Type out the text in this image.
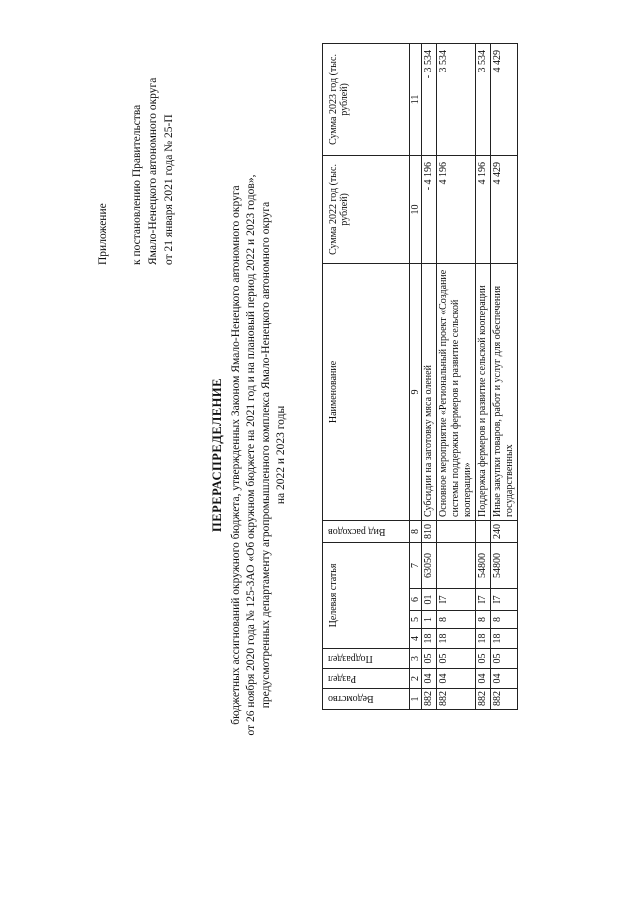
Приложение к постановлению Правительства Ямало-Ненецкого автономного округа от 21 января 2021 года № 25-П
ПЕРЕРАСПРЕДЕЛЕНИЕ бюджетных ассигнований окружного бюджета, утвержденных Законом Ямало-Ненецкого автономного округа от 26 ноября 2020 года № 125-ЗАО «Об окружном бюджете на 2021 год и на плановый период 2022 и 2023 годов», предусмотренных департаменту агропромышленного комплекса Ямало-Ненецкого автономного округа на 2022 и 2023 годы
Ведомство	Раздел	Подраздел	Целевая статья				Вид расходов	Наименование	Сумма 2022 год (тыс. рублей)	Сумма 2023 год (тыс. рублей)
1	2	3	4	5	6	7	8	9	10	11
882	04	05	18	1	01	63050	810	Субсидии на заготовку мяса оленей	- 4 196	- 3 534
882	04	05	18	8	I7			Основное мероприятие «Региональный проект «Создание системы поддержки фермеров и развитие сельской кооперации»	4 196	3 534
882	04	05	18	8	I7	54800		Поддержка фермеров и развитие сельской кооперации	4 196	3 534
882	04	05	18	8	I7	54800	240	Иные закупки товаров, работ и услуг для обеспечения государственных	4 429	4 429
